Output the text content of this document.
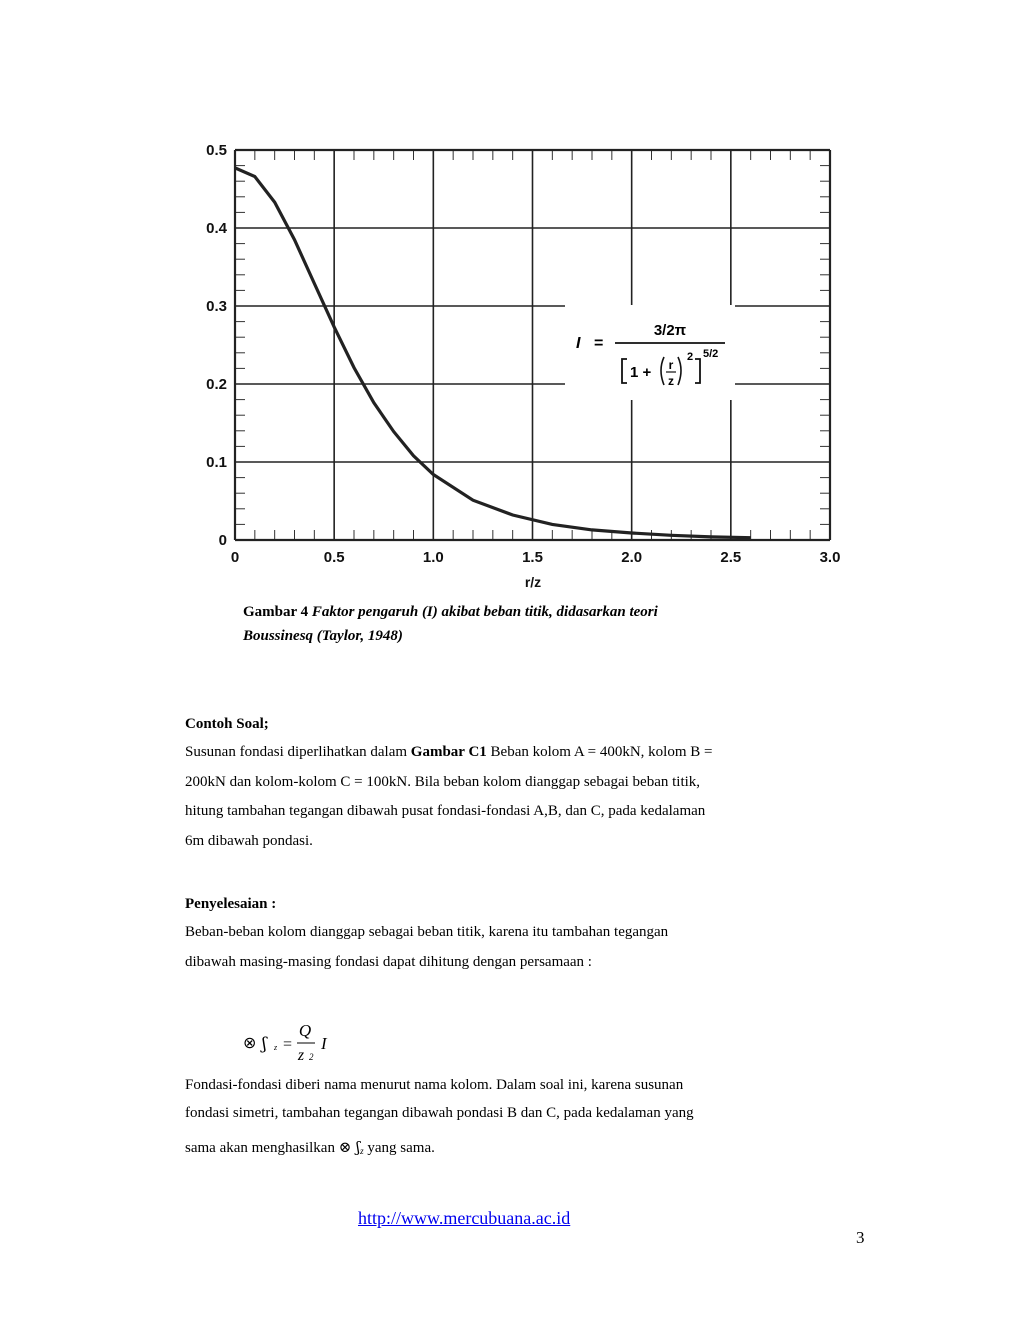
0	0.5	1.0	1.5	2.0	2.5	3.0
0
0.1
0.2
0.3
0.4
0.5
r/z
I =
3/2π
1 + r
z
2 5/2
Gambar 4 Faktor pengaruh (I) akibat beban titik, didasarkan teori
Boussinesq (Taylor, 1948)
Contoh Soal;
Susunan fondasi diperlihatkan dalam Gambar C1 Beban kolom A = 400kN, kolom B =
200kN dan kolom-kolom C = 100kN. Bila beban kolom dianggap sebagai beban titik,
hitung tambahan tegangan dibawah pusat fondasi-fondasi A,B, dan C, pada kedalaman
6m dibawah pondasi.
Penyelesaian :
Beban-beban kolom dianggap sebagai beban titik, karena itu tambahan tegangan
dibawah masing-masing fondasi dapat dihitung dengan persamaan :
⊗ ʃ z =
Q
z 2
I
Fondasi-fondasi diberi nama menurut nama kolom. Dalam soal ini, karena susunan
fondasi simetri, tambahan tegangan dibawah pondasi B dan C, pada kedalaman yang
sama akan menghasilkan ⊗ ʃ$_z$ yang sama.
http://www.mercubuana.ac.id
3
